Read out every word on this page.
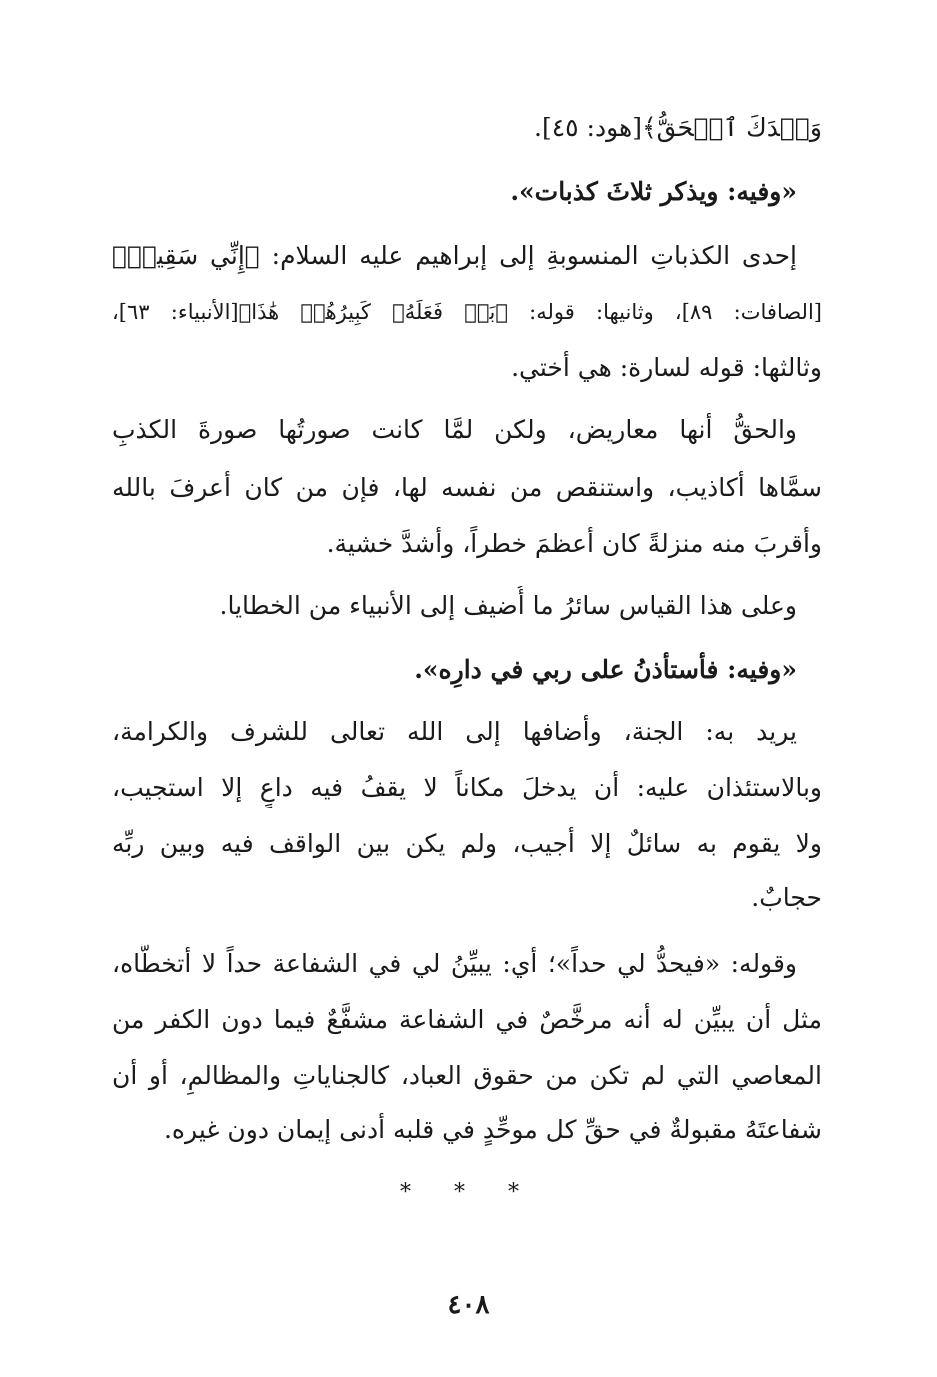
وَعۡدَكَ ٱلۡحَقُّ﴾[هود: ٤٥].
«وفيه: ويذكر ثلاثَ كذبات».
إحدى الكذباتِ المنسوبةِ إلى إبراهيم عليه السلام: ﴿إِنِّي سَقِيمٞ﴾
[الصافات: ٨٩]، وثانيها: قوله: ﴿بَلۡ فَعَلَهُۥ كَبِيرُهُمۡ هَٰذَا﴾[الأنبياء: ٦٣]،
وثالثها: قوله لسارة: هي أختي.
والحقُّ أنها معاريض، ولكن لمَّا كانت صورتُها صورةَ الكذبِ
سمَّاها أكاذيب، واستنقص من نفسه لها، فإن من كان أعرفَ بالله
وأقربَ منه منزلةً كان أعظمَ خطراً، وأشدَّ خشية.
وعلى هذا القياس سائرُ ما أُضيف إلى الأنبياء من الخطايا.
«وفيه: فأستأذنُ على ربي في دارِه».
يريد به: الجنة، وأضافها إلى الله تعالى للشرف والكرامة،
وبالاستئذان عليه: أن يدخلَ مكاناً لا يقفُ فيه داعٍ إلا استجيب،
ولا يقوم به سائلٌ إلا أجيب، ولم يكن بين الواقف فيه وبين ربِّه
حجابٌ.
وقوله: «فيحدُّ لي حداً»؛ أي: يبيِّنُ لي في الشفاعة حداً لا أتخطَّاه،
مثل أن يبيِّن له أنه مرخَّصٌ في الشفاعة مشفَّعٌ فيما دون الكفر من
المعاصي التي لم تكن من حقوق العباد، كالجناياتِ والمظالمِ، أو أن
شفاعتَهُ مقبولةٌ في حقِّ كل موحِّدٍ في قلبه أدنى إيمان دون غيره.
* * *
٤٠٨
